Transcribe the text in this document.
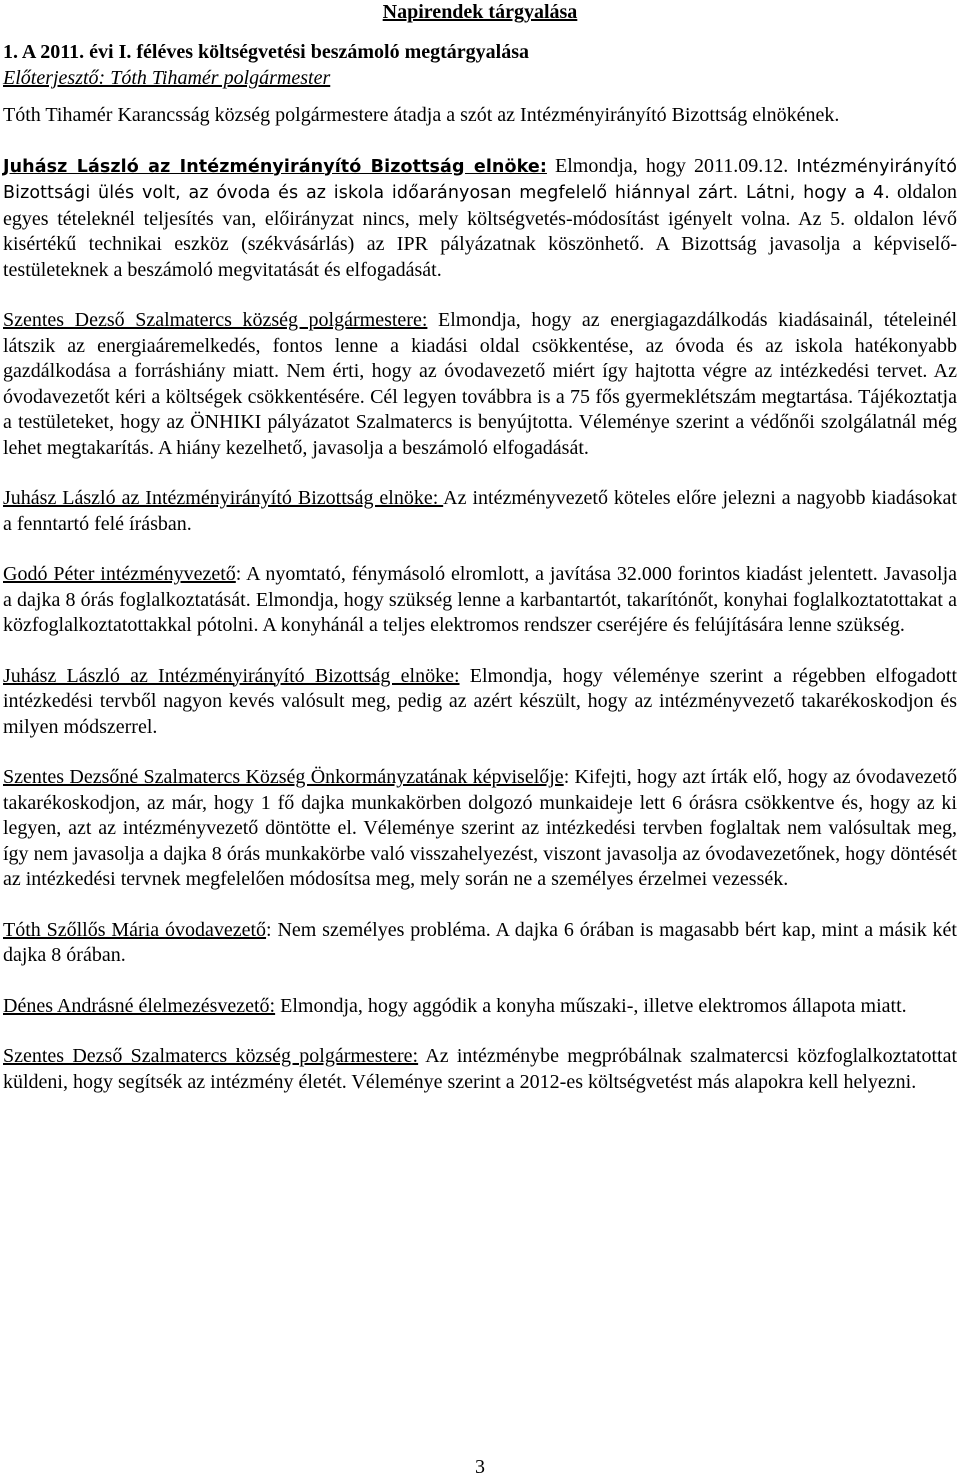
Napirendek tárgyalása

1. A 2011. évi I. féléves költségvetési beszámoló megtárgyalása

Előterjesztő: Tóth Tihamér polgármester

Tóth Tihamér Karancsság község polgármestere átadja a szót az Intézményirányító Bizottság elnökének.

Juhász László az Intézményirányító Bizottság elnöke: Elmondja, hogy 2011.09.12. Intézményirányító Bizottsági ülés volt, az óvoda és az iskola időarányosan megfelelő hiánnyal zárt. Látni, hogy a 4. oldalon egyes tételeknél teljesítés van, előirányzat nincs, mely költségvetés-módosítást igényelt volna. Az 5. oldalon lévő kisértékű technikai eszköz (székvásárlás) az IPR pályázatnak köszönhető. A Bizottság javasolja a képviselő-testületeknek a beszámoló megvitatását és elfogadását.

Szentes Dezső Szalmatercs község polgármestere: Elmondja, hogy az energiagazdálkodás kiadásainál, tételeinél látszik az energiaáremelkedés, fontos lenne a kiadási oldal csökkentése, az óvoda és az iskola hatékonyabb gazdálkodása a forráshiány miatt. Nem érti, hogy az óvodavezető miért így hajtotta végre az intézkedési tervet. Az óvodavezetőt kéri a költségek csökkentésére. Cél legyen továbbra is a 75 fős gyermeklétszám megtartása. Tájékoztatja a testületeket, hogy az ÖNHIKI pályázatot Szalmatercs is benyújtotta. Véleménye szerint a védőnői szolgálatnál még lehet megtakarítás. A hiány kezelhető, javasolja a beszámoló elfogadását.

Juhász László az Intézményirányító Bizottság elnöke: Az intézményvezető köteles előre jelezni a nagyobb kiadásokat a fenntartó felé írásban.

Godó Péter intézményvezető: A nyomtató, fénymásoló elromlott, a javítása 32.000 forintos kiadást jelentett. Javasolja a dajka 8 órás foglalkoztatását. Elmondja, hogy szükség lenne a karbantartót, takarítónőt, konyhai foglalkoztatottakat a közfoglalkoztatottakkal pótolni. A konyhánál a teljes elektromos rendszer cseréjére és felújítására lenne szükség.

Juhász László az Intézményirányító Bizottság elnöke: Elmondja, hogy véleménye szerint a régebben elfogadott intézkedési tervből nagyon kevés valósult meg, pedig az azért készült, hogy az intézményvezető takarékoskodjon és milyen módszerrel.

Szentes Dezsőné Szalmatercs Község Önkormányzatának képviselője: Kifejti, hogy azt írták elő, hogy az óvodavezető takarékoskodjon, az már, hogy 1 fő dajka munkakörben dolgozó munkaideje lett 6 órásra csökkentve és, hogy az ki legyen, azt az intézményvezető döntötte el. Véleménye szerint az intézkedési tervben foglaltak nem valósultak meg, így nem javasolja a dajka 8 órás munkakörbe való visszahelyezést, viszont javasolja az óvodavezetőnek, hogy döntését az intézkedési tervnek megfelelően módosítsa meg, mely során ne a személyes érzelmei vezessék.

Tóth Szőllős Mária óvodavezető: Nem személyes probléma. A dajka 6 órában is magasabb bért kap, mint a másik két dajka 8 órában.

Dénes Andrásné élelmezésvezető: Elmondja, hogy aggódik a konyha műszaki-, illetve elektromos állapota miatt.

Szentes Dezső Szalmatercs község polgármestere: Az intézménybe megpróbálnak szalmatercsi közfoglalkoztatottat küldeni, hogy segítsék az intézmény életét. Véleménye szerint a 2012-es költségvetést más alapokra kell helyezni.

3
